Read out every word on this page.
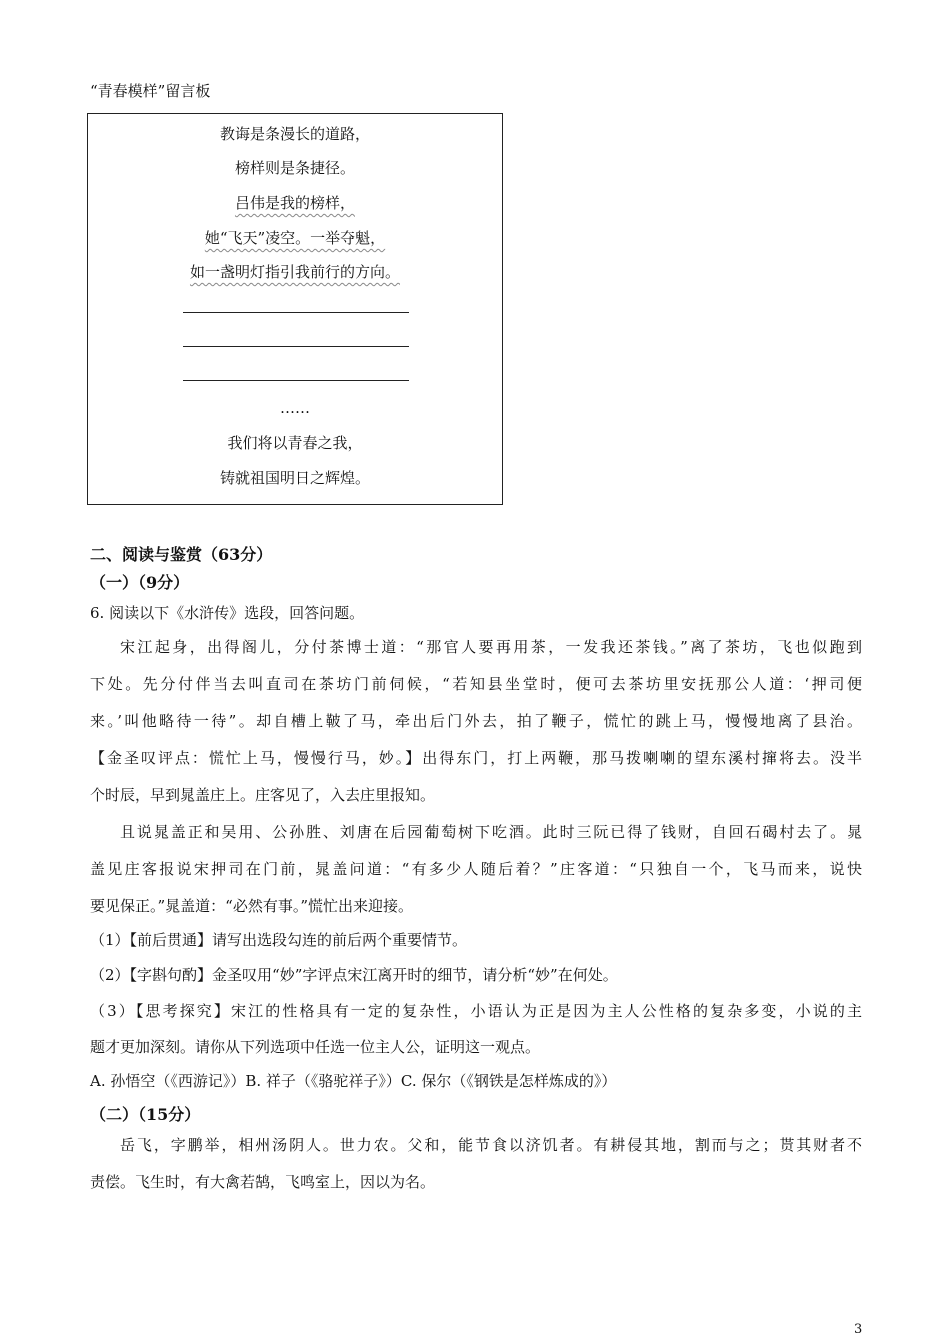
“青春模样”留言板
教诲是条漫长的道路，
榜样则是条捷径。
吕伟是我的榜样，
她“飞天”凌空。一举夺魁，
如一盏明灯指引我前行的方向。
……
我们将以青春之我，
铸就祖国明日之辉煌。
二、阅读与鉴赏（63分）
（一）（9分）
6. 阅读以下《水浒传》选段，回答问题。
宋江起身，出得阁儿，分付茶博士道：“那官人要再用茶，一发我还茶钱。”离了茶坊，飞也似跑到
下处。先分付伴当去叫直司在茶坊门前伺候，“若知县坐堂时，便可去茶坊里安抚那公人道：‘押司便
来。’叫他略待一待”。却自槽上鞁了马，牵出后门外去，拍了鞭子，慌忙的跳上马，慢慢地离了县治。
【金圣叹评点：慌忙上马，慢慢行马，妙。】出得东门，打上两鞭，那马拨喇喇的望东溪村撺将去。没半
个时辰，早到晁盖庄上。庄客见了，入去庄里报知。
且说晁盖正和吴用、公孙胜、刘唐在后园葡萄树下吃酒。此时三阮已得了钱财，自回石碣村去了。晁
盖见庄客报说宋押司在门前，晁盖问道：“有多少人随后着？”庄客道：“只独自一个，飞马而来，说快
要见保正。”晁盖道：“必然有事。”慌忙出来迎接。
（1）【前后贯通】请写出选段勾连的前后两个重要情节。
（2）【字斟句酌】金圣叹用“妙”字评点宋江离开时的细节，请分析“妙”在何处。
（3）【思考探究】宋江的性格具有一定的复杂性，小语认为正是因为主人公性格的复杂多变，小说的主
题才更加深刻。请你从下列选项中任选一位主人公，证明这一观点。
A. 孙悟空（《西游记》）B. 祥子（《骆驼祥子》）C. 保尔（《钢铁是怎样炼成的》）
（二）（15分）
岳飞，字鹏举，相州汤阴人。世力农。父和，能节食以济饥者。有耕侵其地，割而与之；贳其财者不
责偿。飞生时，有大禽若鹄，飞鸣室上，因以为名。
3
